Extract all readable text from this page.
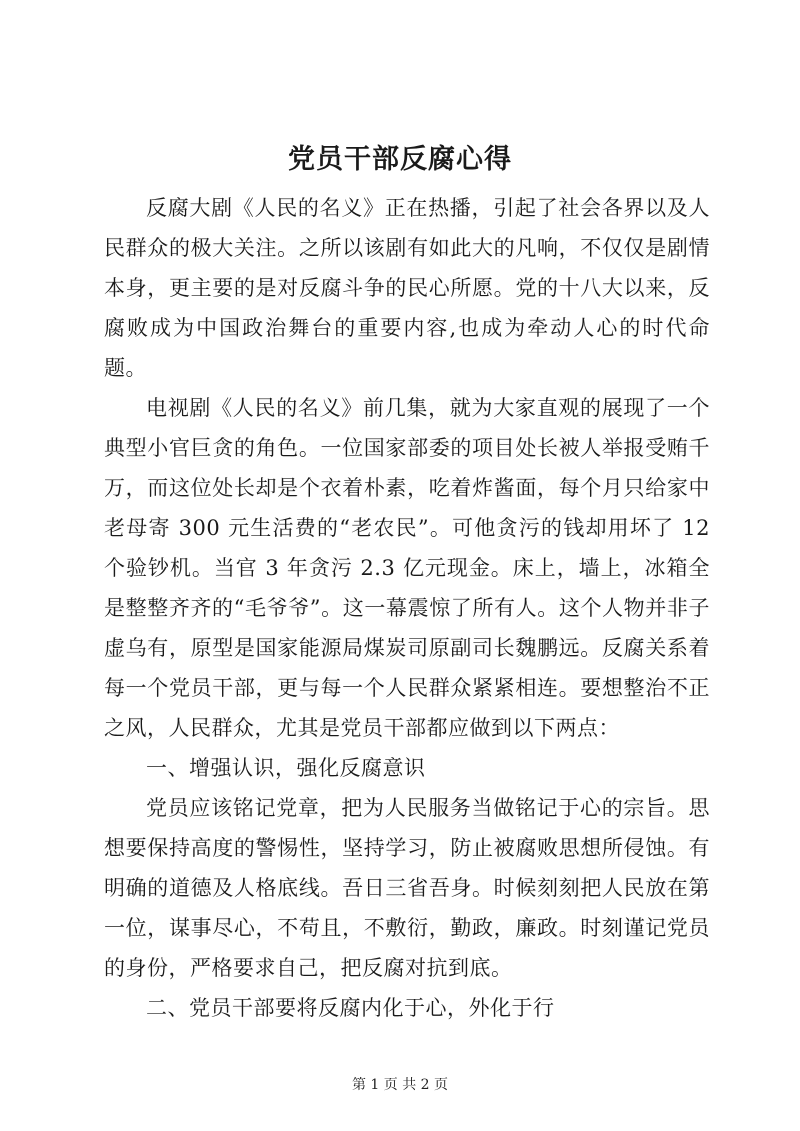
党员干部反腐心得

反腐大剧《人民的名义》正在热播，引起了社会各界以及人民群众的极大关注。之所以该剧有如此大的凡响，不仅仅是剧情本身，更主要的是对反腐斗争的民心所愿。党的十八大以来，反腐败成为中国政治舞台的重要内容,也成为牵动人心的时代命题。

电视剧《人民的名义》前几集，就为大家直观的展现了一个典型小官巨贪的角色。一位国家部委的项目处长被人举报受贿千万，而这位处长却是个衣着朴素，吃着炸酱面，每个月只给家中老母寄 300 元生活费的“老农民”。可他贪污的钱却用坏了 12 个验钞机。当官 3 年贪污 2.3 亿元现金。床上，墙上，冰箱全是整整齐齐的“毛爷爷”。这一幕震惊了所有人。这个人物并非子虚乌有，原型是国家能源局煤炭司原副司长魏鹏远。反腐关系着每一个党员干部，更与每一个人民群众紧紧相连。要想整治不正之风，人民群众，尤其是党员干部都应做到以下两点：

一、增强认识，强化反腐意识

党员应该铭记党章，把为人民服务当做铭记于心的宗旨。思想要保持高度的警惕性，坚持学习，防止被腐败思想所侵蚀。有明确的道德及人格底线。吾日三省吾身。时候刻刻把人民放在第一位，谋事尽心，不苟且，不敷衍，勤政，廉政。时刻谨记党员的身份，严格要求自己，把反腐对抗到底。

二、党员干部要将反腐内化于心，外化于行

第 1 页 共 2 页
